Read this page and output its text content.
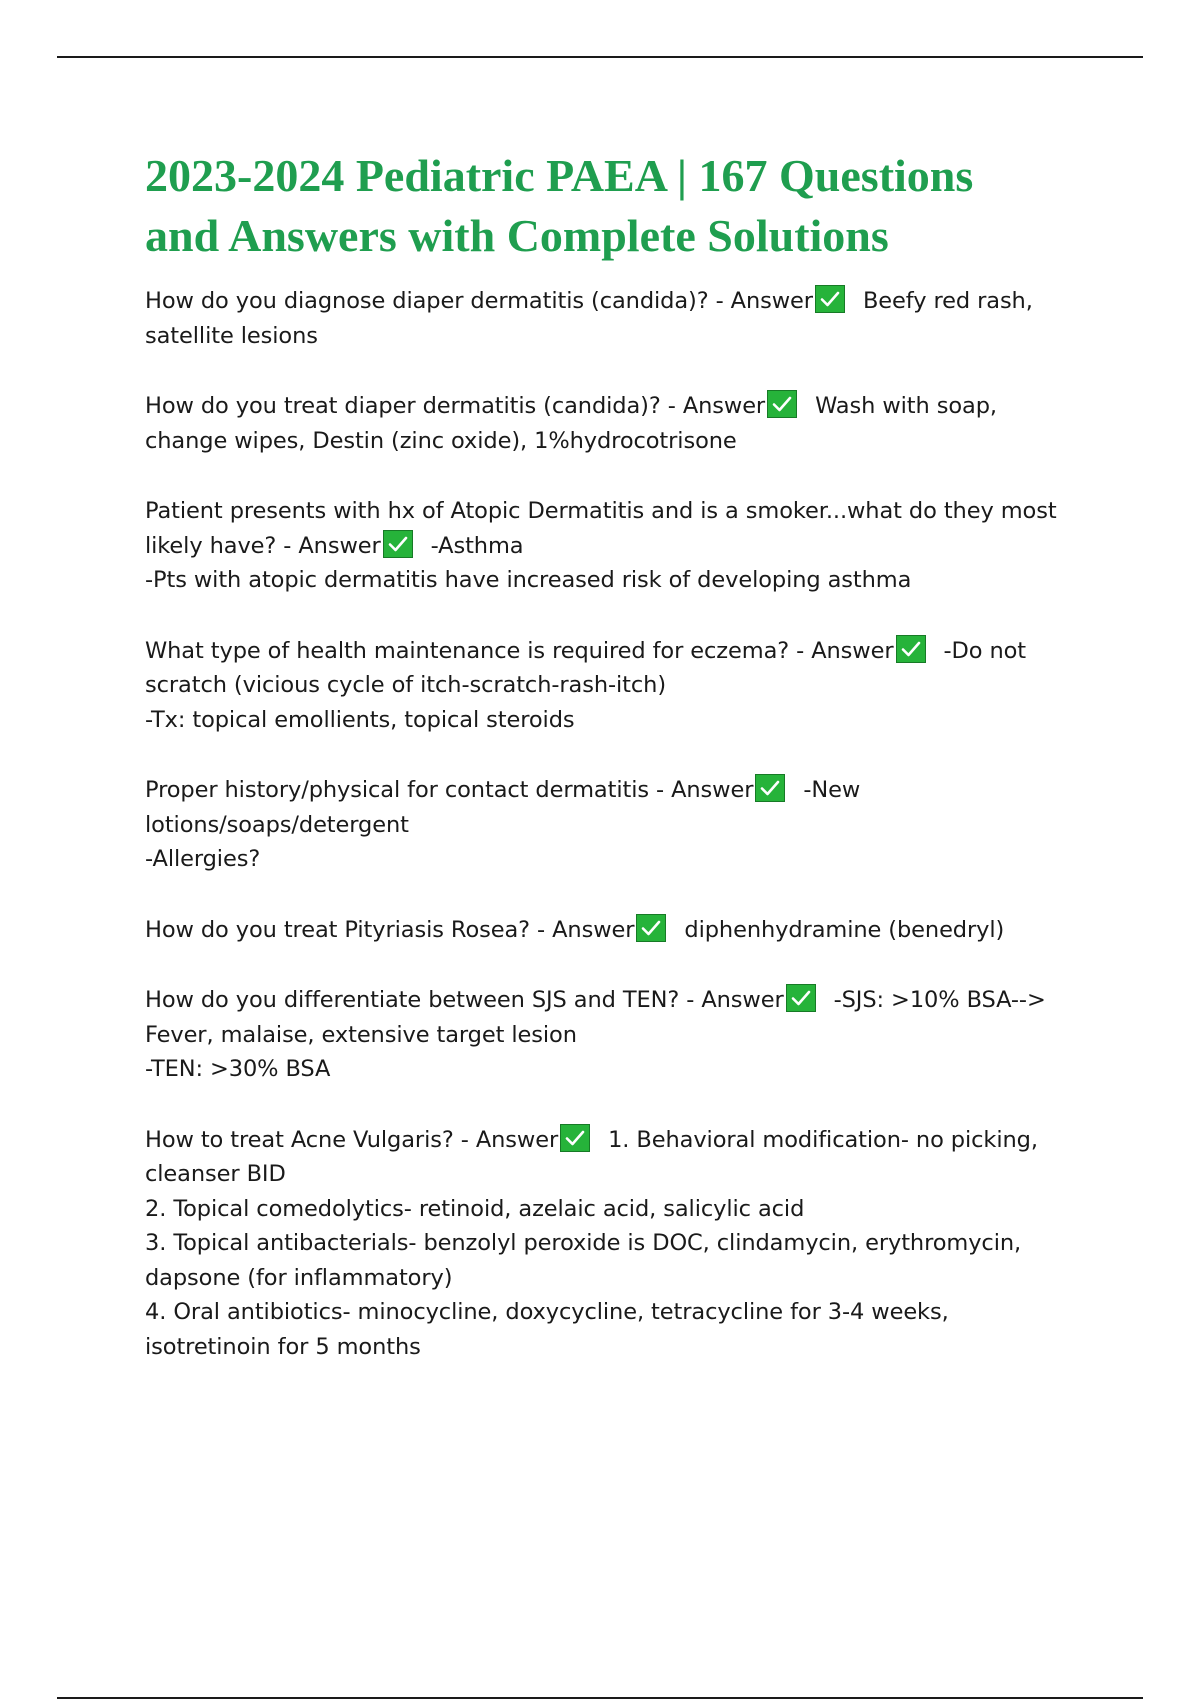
2023-2024 Pediatric PAEA | 167 Questions
and Answers with Complete Solutions
How do you diagnose diaper dermatitis (candida)? - Answer Beefy red rash,
satellite lesions
How do you treat diaper dermatitis (candida)? - Answer Wash with soap,
change wipes, Destin (zinc oxide), 1%hydrocotrisone
Patient presents with hx of Atopic Dermatitis and is a smoker...what do they most
likely have? - Answer -Asthma
-Pts with atopic dermatitis have increased risk of developing asthma
What type of health maintenance is required for eczema? - Answer -Do not
scratch (vicious cycle of itch-scratch-rash-itch)
-Tx: topical emollients, topical steroids
Proper history/physical for contact dermatitis - Answer -New
lotions/soaps/detergent
-Allergies?
How do you treat Pityriasis Rosea? - Answer diphenhydramine (benedryl)
How do you differentiate between SJS and TEN? - Answer -SJS: >10% BSA-->
Fever, malaise, extensive target lesion
-TEN: >30% BSA
How to treat Acne Vulgaris? - Answer 1. Behavioral modification- no picking,
cleanser BID
2. Topical comedolytics- retinoid, azelaic acid, salicylic acid
3. Topical antibacterials- benzolyl peroxide is DOC, clindamycin, erythromycin,
dapsone (for inflammatory)
4. Oral antibiotics- minocycline, doxycycline, tetracycline for 3-4 weeks,
isotretinoin for 5 months
